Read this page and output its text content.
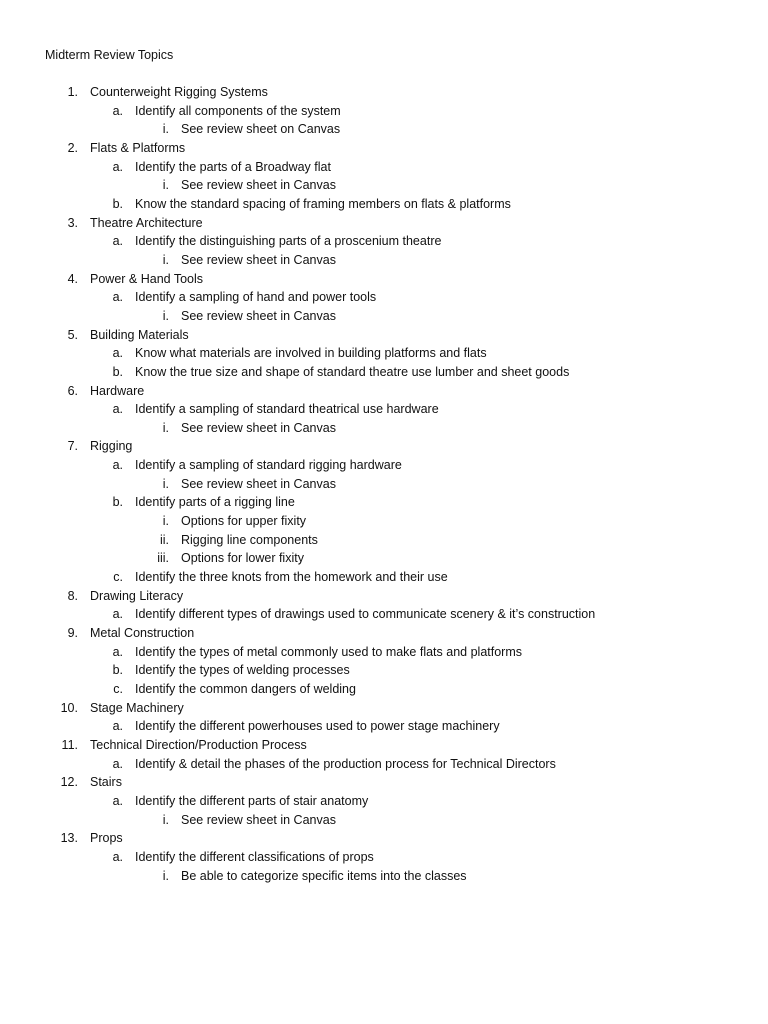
Midterm Review Topics
1. Counterweight Rigging Systems
a. Identify all components of the system
i. See review sheet on Canvas
2. Flats & Platforms
a. Identify the parts of a Broadway flat
i. See review sheet in Canvas
b. Know the standard spacing of framing members on flats & platforms
3. Theatre Architecture
a. Identify the distinguishing parts of a proscenium theatre
i. See review sheet in Canvas
4. Power & Hand Tools
a. Identify a sampling of hand and power tools
i. See review sheet in Canvas
5. Building Materials
a. Know what materials are involved in building platforms and flats
b. Know the true size and shape of standard theatre use lumber and sheet goods
6. Hardware
a. Identify a sampling of standard theatrical use hardware
i. See review sheet in Canvas
7. Rigging
a. Identify a sampling of standard rigging hardware
i. See review sheet in Canvas
b. Identify parts of a rigging line
i. Options for upper fixity
ii. Rigging line components
iii. Options for lower fixity
c. Identify the three knots from the homework and their use
8. Drawing Literacy
a. Identify different types of drawings used to communicate scenery & it’s construction
9. Metal Construction
a. Identify the types of metal commonly used to make flats and platforms
b. Identify the types of welding processes
c. Identify the common dangers of welding
10. Stage Machinery
a. Identify the different powerhouses used to power stage machinery
11. Technical Direction/Production Process
a. Identify & detail the phases of the production process for Technical Directors
12. Stairs
a. Identify the different parts of stair anatomy
i. See review sheet in Canvas
13. Props
a. Identify the different classifications of props
i. Be able to categorize specific items into the classes
